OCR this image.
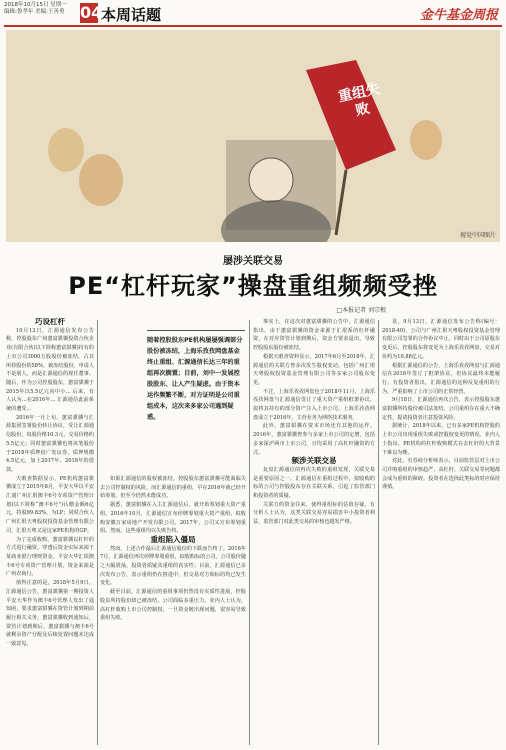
2018年10月15日 星期一
编辑:鲁孝年 美编:王善勇 04
本周话题	金牛基金周报
重组失败
视觉中国图片
屡涉关联交易
PE“杠杆玩家”操盘重组频频受挫
□本报记者 刘宗根

巧设杠杆

10月12日，汇源通信发布公告称，控股股东广州蕙富骐骥投资合伙企业(有限合伙)以下简称蕙富骐骥)持有的上市公司3000万股股份被冻结，占其所持股份的58%。被冻结股份，申请人不是别人，而是汇源通信的现任董事。随后，作为公司控股股东，蕙富骐骥于2015年以5.5亿元向中小... 后来，有人认为...在2016年... 汇源通信此前系统的遭受...

2016年一月上旬，蕙富骐骥与汇源集团签署股份转让协议，受让汇源通信股份，每股价格10.3元，交易价格约5.5亿元；同时蕙富骐骥也将该笔股份于2018年质押给广发证券，质押规模4.5亿元，加上2017年、2018年的借款。

天眼查数据显示，PE机构蕙富骐骥成立于2015年8月，平安大华以平安汇通广州汇垠澳丰6号专项资产管理计划(以下简称“澳丰6号”)认缴金额6亿元，持股99.83%，为LP；同时合伙人广州汇垠天粤股权投资基金管理有限公司，汇垠天粤又是这家PE机构的GP。

为了完成收购，蕙富骐骥以杠杆的方式进行融资，穿透后资金实际来源于某商业银行理财资金。平安大华汇垠澳丰6号专项资产管理计划，资金来源是广州农商行。

值得注意的是，2018年5月9日，汇源通信公告，蕙富骐骥第一期投资人平安大华作为澳丰6号管理人发出了通知函，要求蕙富骐骥在资管计划到期前履行相关义务，蕙富骐骥收到通知后，资管计划到期后，蕙富骐骥与澳丰6号就剩余资产分配及后续处置问题未达成一致意见。

随着控股股东PE机构屡屡强调部分股份被冻结，上海乐孜孜网盘基金终止重组、汇源通信长达三年的重组再次搁置；目前，刘中一发展控股股东、让人产生疑虑。由于资本运作频繁不断，对方证明是公司重组成本，这次来多家公司遇到疑惑。

如果汇源通信的股权被冻结，控股股东蕙富骐骥可能面临失去公司控制权的风险。而汇源通信的重组，早在2016年就已经开始筹划，但至今仍然未能成功。

据悉，蕙富骐骥在入主汇源通信后，就开始筹划重大资产重组。2016年10月，汇源通信宣布停牌筹划重大资产重组，拟收购安徽万家房地产开发有限公司。2017年，公司又宣布筹划重组。然而，这些重组均以失败告终。

重组陷入僵局

然而，上述合作最后汇源通信股份的下跌而告终了。2016年7月，汇源通信再次停牌筹划重组，拟收购标的公司，公司股价随之大幅震荡，投资者质疑其重组的真实性；目前，汇源通信已多次发布公告，表示重组仍在推进中，但交易对方和标的均已发生变化。

截至目前，汇源通信的重组事项仍然没有实质性进展，控股股东所持股份却已被冻结，公司面临多重压力。业内人士认为，高杠杆收购上市公司控制权，一旦资金链出现问题，很容易导致重组失败。

事实上，在这次对蕙富骐骥的公告中，汇源通信指出，由于蕙富骐骥的资金来源于汇垠系的杠杆融资，在对应资管计划到期后，资金方要求退出，导致控股股东股份被冻结。

根据天眼查资料显示，2017年6月至2018年，汇源通信的关联方曾多次发生股权变动，包括广州汇垠天粤股权投资基金管理有限公司等多家公司股东变更。

不过，上海乐孜孜网盘也于2018年11月，上海乐孜孜网盘与汇源通信签订了重大资产重组框架协议，拟将其持有的部分资产注入上市公司。上海乐孜孜网盘成立于2016年，主营业务为网络技术服务。

此外，蕙富骐骥在资本市场还有其他的运作。2016年，蕙富骐骥曾参与多家上市公司的定增，包括多家深沪两市上市公司，且均采用了高杠杆融资的方式。

频涉关联交易

复盘汇源通信的再次失败的重组发现，关联交易是重要原因之一。汇源通信在重组过程中，拟收购的标的公司与控股股东存在关联关系，引起了监管部门和投资者的质疑。

关联方的资金往来，使得重组标的估值存疑。有分析人士认为，这类关联交易容易损害中小投资者利益，监管部门对此类交易的审核也越发严格。

显，9月13日，汇源通信发布公告称(编号：2018-40)，公司与广州汇垠天粤股权投资基金管理有限公司签署的合作协议中止，同时由于公司原股东变更后，控股股东将变更为上海乐孜孜网盘，交易对价约为10.88亿元。

根据汇源通信的公告，上海乐孜孜网盘与汇源通信在2018年签订了框架协议，但协议最终未能履行。有投资者指出，汇源通信的这种反复重组的行为，严重影响了上市公司的正常经营。

9月18日，汇源通信再次公告，表示控股股东蕙富骐骥所持股份被司法冻结，公司重组存在重大不确定性，提请投资者注意投资风险。

据统计，2018年以来，已有多家PE机构控股的上市公司出现重组失败或控股权变更的情况。业内人士指出，PE机构的杠杆收购模式在去杠杆的大背景下难以为继。

对此，有券商分析师表示，目前监管层对上市公司并购重组的审核趋严，高杠杆、关联交易等问题都会成为重组的障碍。投资者在选择此类标的时应保持谨慎。
